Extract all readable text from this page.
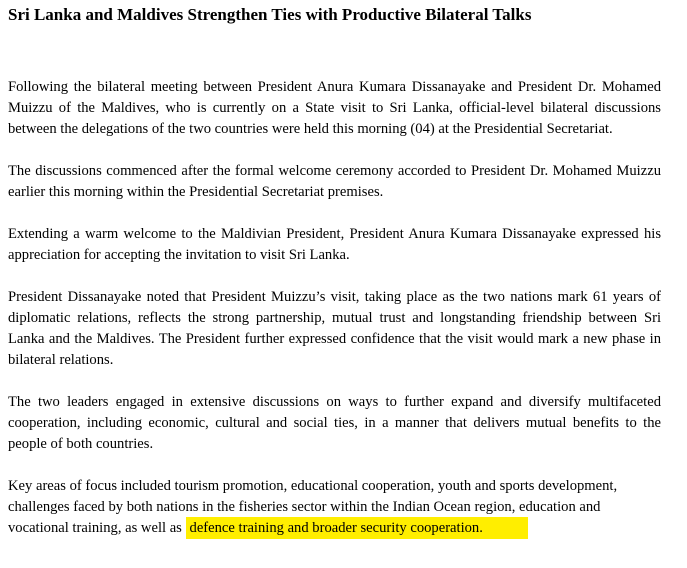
Sri Lanka and Maldives Strengthen Ties with Productive Bilateral Talks

Following the bilateral meeting between President Anura Kumara Dissanayake and President Dr. Mohamed Muizzu of the Maldives, who is currently on a State visit to Sri Lanka, official-level bilateral discussions between the delegations of the two countries were held this morning (04) at the Presidential Secretariat.

The discussions commenced after the formal welcome ceremony accorded to President Dr. Mohamed Muizzu earlier this morning within the Presidential Secretariat premises.

Extending a warm welcome to the Maldivian President, President Anura Kumara Dissanayake expressed his appreciation for accepting the invitation to visit Sri Lanka.

President Dissanayake noted that President Muizzu’s visit, taking place as the two nations mark 61 years of diplomatic relations, reflects the strong partnership, mutual trust and longstanding friendship between Sri Lanka and the Maldives. The President further expressed confidence that the visit would mark a new phase in bilateral relations.

The two leaders engaged in extensive discussions on ways to further expand and diversify multifaceted cooperation, including economic, cultural and social ties, in a manner that delivers mutual benefits to the people of both countries.

Key areas of focus included tourism promotion, educational cooperation, youth and sports development, challenges faced by both nations in the fisheries sector within the Indian Ocean region, education and vocational training, as well as defence training and broader security cooperation.
